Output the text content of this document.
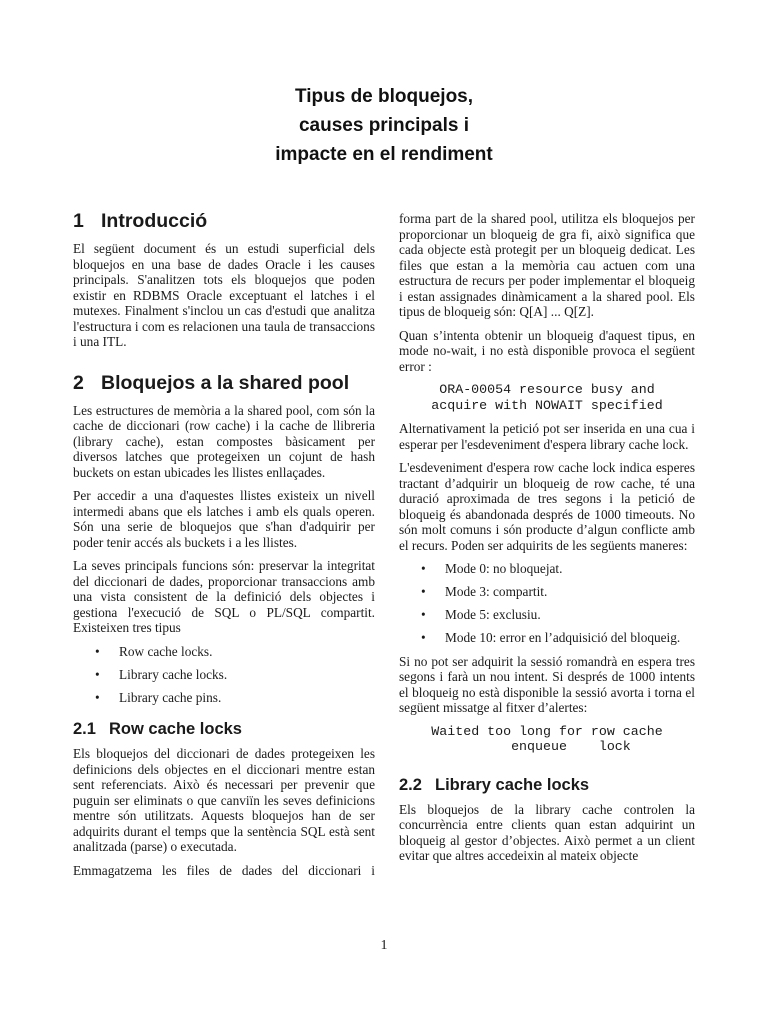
Tipus de bloquejos,
causes principals i
impacte en el rendiment
1 Introducció

El següent document és un estudi superficial dels bloquejos en una base de dades Oracle i les causes principals. S'analitzen tots els bloquejos que poden existir en RDBMS Oracle exceptuant el latches i el mutexes. Finalment s'inclou un cas d'estudi que analitza l'estructura i com es relacionen una taula de transaccions i una ITL.

2 Bloquejos a la shared pool

Les estructures de memòria a la shared pool, com són la cache de diccionari (row cache) i la cache de llibreria (library cache), estan compostes bàsicament per diversos latches que protegeixen un cojunt de hash buckets on estan ubicades les llistes enllaçades.

Per accedir a una d'aquestes llistes existeix un nivell intermedi abans que els latches i amb els quals operen. Són una serie de bloquejos que s'han d'adquirir per poder tenir accés als buckets i a les llistes.

La seves principals funcions són: preservar la integritat del diccionari de dades, proporcionar transaccions amb una vista consistent de la definició dels objectes i gestiona l'execució de SQL o PL/SQL compartit. Existeixen tres tipus

• Row cache locks.
• Library cache locks.
• Library cache pins.
2.1 Row cache locks

Els bloquejos del diccionari de dades protegeixen les definicions dels objectes en el diccionari mentre estan sent referenciats. Això és necessari per prevenir que puguin ser eliminats o que canviïn les seves definicions mentre són utilitzats. Aquests bloquejos han de ser adquirits durant el temps que la sentència SQL està sent analitzada (parse) o executada.

Emmagatzema les files de dades del diccionari i

forma part de la shared pool, utilitza els bloquejos per proporcionar un bloqueig de gra fi, això significa que cada objecte està protegit per un bloqueig dedicat. Les files que estan a la memòria cau actuen com una estructura de recurs per poder implementar el bloqueig i estan assignades dinàmicament a la shared pool. Els tipus de bloqueig són: Q[A] ... Q[Z].

Quan s’intenta obtenir un bloqueig d'aquest tipus, en mode no-wait, i no està disponible provoca el següent error :

ORA-00054 resource busy and
acquire with NOWAIT specified

Alternativament la petició pot ser inserida en una cua i esperar per l'esdeveniment d'espera library cache lock.

L'esdeveniment d'espera row cache lock indica esperes tractant d’adquirir un bloqueig de row cache, té una duració aproximada de tres segons i la petició de bloqueig és abandonada després de 1000 timeouts. No són molt comuns i són producte d’algun conflicte amb el recurs. Poden ser adquirits de les següents maneres:

• Mode 0: no bloquejat.
• Mode 3: compartit.
• Mode 5: exclusiu.
• Mode 10: error en l’adquisició del bloqueig.

Si no pot ser adquirit la sessió romandrà en espera tres segons i farà un nou intent. Si després de 1000 intents el bloqueig no està disponible la sessió avorta i torna el següent missatge al fitxer d’alertes:

Waited too long for row cache
enqueue    lock
2.2 Library cache locks

Els bloquejos de la library cache controlen la concurrència entre clients quan estan adquirint un bloqueig al gestor d’objectes. Això permet a un client evitar que altres accedeixin al mateix objecte

1
